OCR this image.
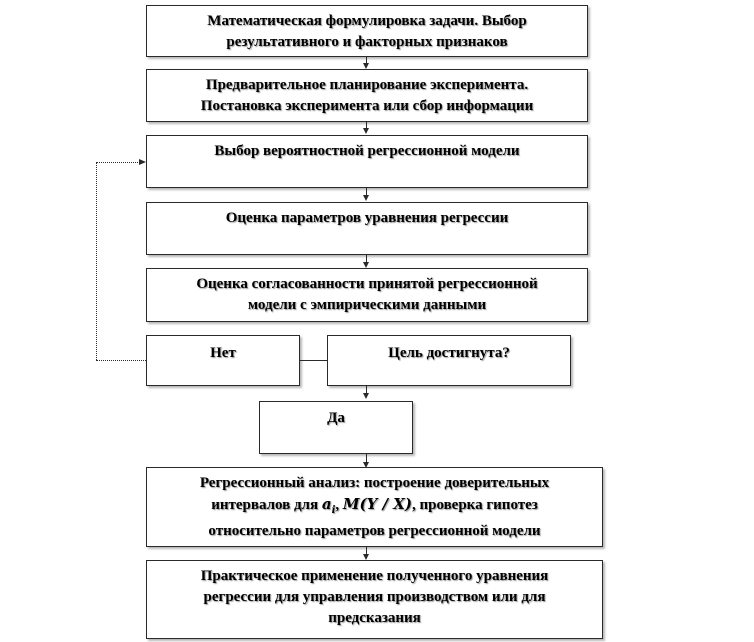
Математическая формулировка задачи. Выбор
результативного и факторных признаков
Предварительное планирование эксперимента.
Постановка эксперимента или сбор информации
Выбор вероятностной регрессионной модели
Оценка параметров уравнения регрессии
Оценка согласованности принятой регрессионной
модели с эмпирическими данными
Нет	Цель достигнута?
Да
Регрессионный анализ: построение доверительных
интервалов для $a_i$, M(Y / X), проверка гипотез
относительно параметров регрессионной модели
Практическое применение полученного уравнения
регрессии для управления производством или для
предсказания
